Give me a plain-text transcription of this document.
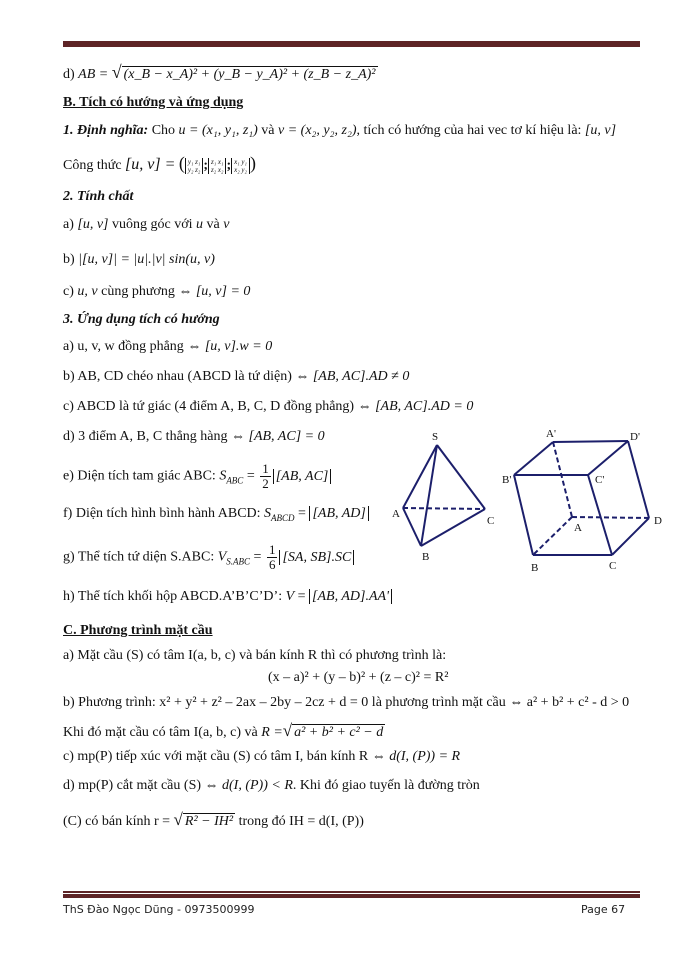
d) AB = √ (x_B − x_A)² + (y_B − y_A)² + (z_B − z_A)²
B. Tích có hướng và ứng dụng
1. Định nghĩa: Cho u = (x₁, y₁, z₁) và v = (x₂, y₂, z₂), tích có hướng của hai vec tơ kí hiệu là: [u, v]
Công thức [u, v] = ( y₁ z₁
y₂ z₂ ; z₁ x₁
z₂ x₂ ; x₁ y₁
x₂ y₂ )
2. Tính chất
a) [u, v] vuông góc với u và v
b) |[u, v]| = |u|.|v| sin(u, v)
c) u, v cùng phương ⇔ [u, v] = 0
3. Ứng dụng tích có hướng
a) u, v, w đồng phẳng ⇔ [u, v].w = 0
b) AB, CD chéo nhau (ABCD là tứ diện) ⇔ [AB, AC].AD ≠ 0
c) ABCD là tứ giác (4 điểm A, B, C, D đồng phẳng) ⇔ [AB, AC].AD = 0
d) 3 điểm A, B, C thẳng hàng ⇔ [AB, AC] = 0
e) Diện tích tam giác ABC: $S_{ABC} = \frac{1}{2} [AB$, AC]
f) Diện tích hình bình hành ABCD: $S_{ABCD} = [AB$, AD]
g) Thể tích tứ diện S.ABC: $V_{S.ABC} = \frac{1}{6} [SA$, SB].SC
h) Thể tích khối hộp ABCD.A’B’C’D’: V = [AB, AD].AA'
S
A
C
B
A'	D'
B'	C'
A
D
B	C
C. Phương trình mặt cầu
a) Mặt cầu (S) có tâm I(a, b, c) và bán kính R thì có phương trình là:
(x – a)² + (y – b)² + (z – c)² = R²
b) Phương trình: x² + y² + z² – 2ax – 2by – 2cz + d = 0 là phương trình mặt cầu ⇔ a² + b² + c² - d > 0
Khi đó mặt cầu có tâm I(a, b, c) và R =√ a² + b² + c² − d
c) mp(P) tiếp xúc với mặt cầu (S) có tâm I, bán kính R ⇔ d(I, (P)) = R
d) mp(P) cắt mặt cầu (S) ⇔ d(I, (P)) < R. Khi đó giao tuyến là đường tròn
(C) có bán kính r = √ R² − IH² trong đó IH = d(I, (P))
ThS Đào Ngọc Dũng - 0973500999	Page 67
